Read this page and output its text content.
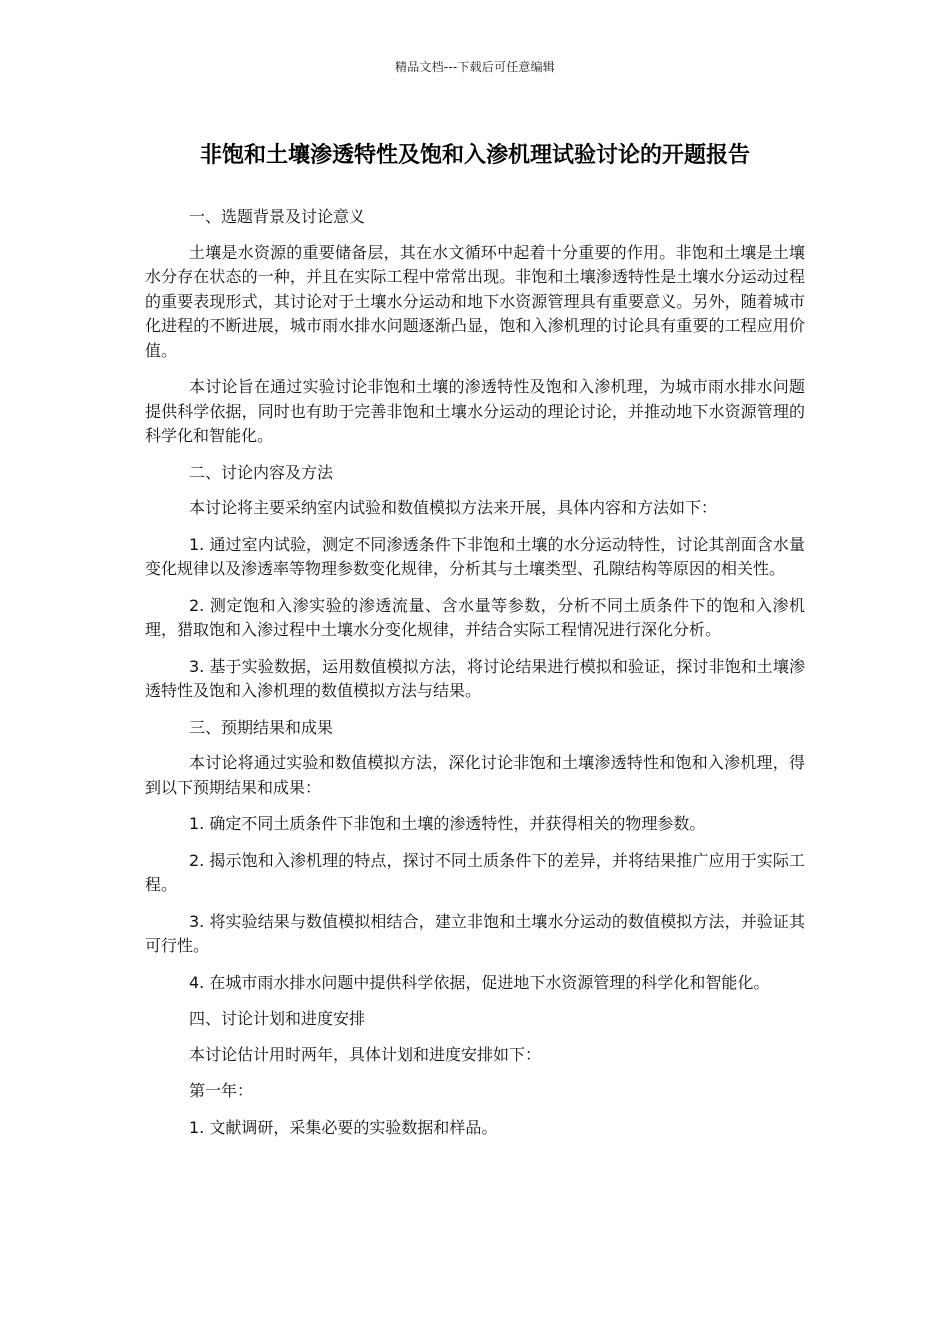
精品文档---下载后可任意编辑
非饱和土壤渗透特性及饱和入渗机理试验讨论的开题报告

一、选题背景及讨论意义

土壤是水资源的重要储备层，其在水文循环中起着十分重要的作用。非饱和土壤是土壤水分存在状态的一种，并且在实际工程中常常出现。非饱和土壤渗透特性是土壤水分运动过程的重要表现形式，其讨论对于土壤水分运动和地下水资源管理具有重要意义。另外，随着城市化进程的不断进展，城市雨水排水问题逐渐凸显，饱和入渗机理的讨论具有重要的工程应用价值。

本讨论旨在通过实验讨论非饱和土壤的渗透特性及饱和入渗机理，为城市雨水排水问题提供科学依据，同时也有助于完善非饱和土壤水分运动的理论讨论，并推动地下水资源管理的科学化和智能化。

二、讨论内容及方法

本讨论将主要采纳室内试验和数值模拟方法来开展，具体内容和方法如下：

1. 通过室内试验，测定不同渗透条件下非饱和土壤的水分运动特性，讨论其剖面含水量变化规律以及渗透率等物理参数变化规律，分析其与土壤类型、孔隙结构等原因的相关性。

2. 测定饱和入渗实验的渗透流量、含水量等参数，分析不同土质条件下的饱和入渗机理，猎取饱和入渗过程中土壤水分变化规律，并结合实际工程情况进行深化分析。

3. 基于实验数据，运用数值模拟方法，将讨论结果进行模拟和验证，探讨非饱和土壤渗透特性及饱和入渗机理的数值模拟方法与结果。

三、预期结果和成果

本讨论将通过实验和数值模拟方法，深化讨论非饱和土壤渗透特性和饱和入渗机理，得到以下预期结果和成果：

1. 确定不同土质条件下非饱和土壤的渗透特性，并获得相关的物理参数。

2. 揭示饱和入渗机理的特点，探讨不同土质条件下的差异，并将结果推广应用于实际工程。

3. 将实验结果与数值模拟相结合，建立非饱和土壤水分运动的数值模拟方法，并验证其可行性。

4. 在城市雨水排水问题中提供科学依据，促进地下水资源管理的科学化和智能化。

四、讨论计划和进度安排

本讨论估计用时两年，具体计划和进度安排如下：

第一年：

1. 文献调研，采集必要的实验数据和样品。
